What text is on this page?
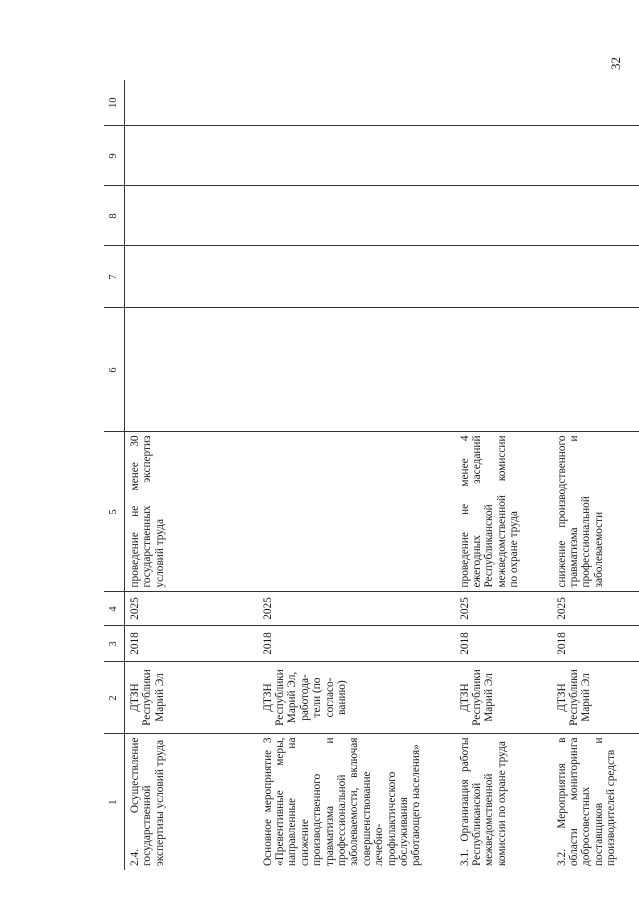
32
1	2	3	4	5	6	7	8	9	10
2.4. Осуществление государственной экспертизы условий труда	ДТЗН Республики Марий Эл	2018	2025	проведение не менее 30 государственных экспертиз условий труда					
Основное мероприятие 3 «Превентивные меры, направленные на снижение производственного травматизма и профессиональной заболеваемости, включая совершенствование лечебно-профилактического обслуживания работающего населения»	ДТЗН Республики Марий Эл, работода-тели (по согласо-ванию)	2018	2025						
3.1. Организация работы Республиканской межведомственной комиссии по охране труда	ДТЗН Республики Марий Эл	2018	2025	проведение не менее 4 ежегодных заседаний Республиканской межведомственной комиссии по охране труда					
3.2. Мероприятия в области мониторинга добросовестных поставщиков и производителей средств	ДТЗН Республики Марий Эл	2018	2025	снижение производственного травматизма и профессиональной заболеваемости					
